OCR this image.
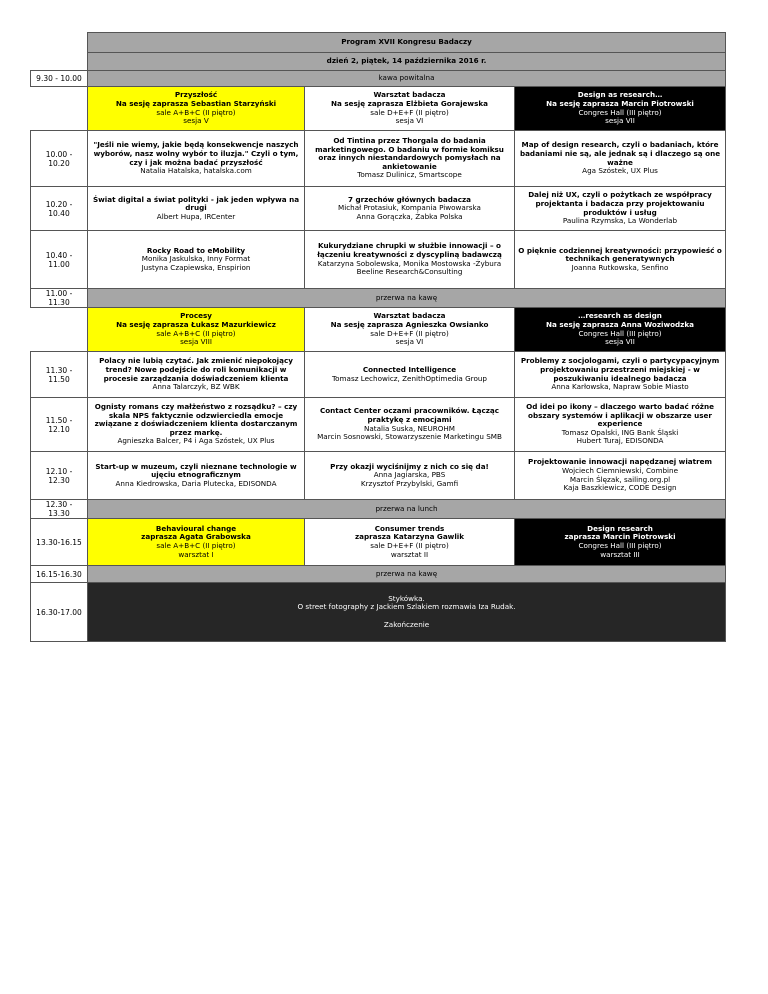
	Program XVII Kongresu Badaczy		

	dzień 2, piątek, 14 października 2016 r.		

9.30 - 10.00	kawa powitalna		

	Przyszłość
Na sesję zaprasza Sebastian Starzyński
sale A+B+C (II piętro)
sesja V	Warsztat badacza
Na sesję zaprasza Elżbieta Gorajewska
sale D+E+F (II piętro)
sesja VI	Design as research…
Na sesję zaprasza Marcin Piotrowski
Congres Hall (III piętro)
sesja VII

10.00 - 10.20	"Jeśli nie wiemy, jakie będą konsekwencje naszych wyborów, nasz wolny wybór to iluzja." Czyli o tym, czy i jak można badać przyszłość
Natalia Hatalska, hatalska.com	Od Tintina przez Thorgala do badania marketingowego. O badaniu w formie komiksu oraz innych niestandardowych pomysłach na ankietowanie
Tomasz Dulinicz, Smartscope	Map of design research, czyli o badaniach, które badaniami nie są, ale jednak są i dlaczego są one ważne
Aga Szóstek, UX Plus

10.20 - 10.40	Świat digital a świat polityki - jak jeden wpływa na drugi
Albert Hupa, IRCenter	7 grzechów głównych badacza
Michał Protasiuk, Kompania Piwowarska
Anna Gorączka, Żabka Polska	Dalej niż UX, czyli o pożytkach ze współpracy projektanta i badacza przy projektowaniu produktów i usług
Paulina Rzymska, La Wonderlab

10.40 - 11.00	Rocky Road to eMobility
Monika Jaskulska, Inny Format
Justyna Czapiewska, Enspirion	Kukurydziane chrupki w służbie innowacji – o łączeniu kreatywności z dyscypliną badawczą
Katarzyna Sobolewska, Monika Mostowska -Żybura
Beeline Research&Consulting	O pięknie codziennej kreatywności: przypowieść o technikach generatywnych
Joanna Rutkowska, Senfino

11.00 - 11.30	przerwa na kawę		

	Procesy
Na sesję zaprasza Łukasz Mazurkiewicz
sale A+B+C (II piętro)
sesja VIII	Warsztat badacza
Na sesję zaprasza Agnieszka Owsianko
sale D+E+F (II piętro)
sesja VI	…research as design
Na sesję zaprasza Anna Woziwodzka
Congres Hall (III piętro)
sesja VII

11.30 - 11.50	Polacy nie lubią czytać. Jak zmienić niepokojący trend? Nowe podejście do roli komunikacji w procesie zarządzania doświadczeniem klienta
Anna Talarczyk, BZ WBK	Connected Intelligence
Tomasz Lechowicz, ZenithOptimedia Group	Problemy z socjologami, czyli o partycypacyjnym projektowaniu przestrzeni miejskiej - w poszukiwaniu idealnego badacza
Anna Karłowska, Napraw Sobie Miasto

11.50 - 12.10	Ognisty romans czy małżeństwo z rozsądku? – czy skala NPS faktycznie odzwierciedla emocje związane z doświadczeniem klienta dostarczanym przez markę.
Agnieszka Balcer, P4 i Aga Szóstek, UX Plus	Contact Center oczami pracowników. Łącząc praktykę z emocjami
Natalia Suska, NEUROHM
Marcin Sosnowski, Stowarzyszenie Marketingu SMB	Od idei po ikony – dlaczego warto badać różne obszary systemów i aplikacji w obszarze user experience
Tomasz Opalski, ING Bank Śląski
Hubert Turaj, EDISONDA

12.10 - 12.30	Start-up w muzeum, czyli nieznane technologie w ujęciu etnograficznym
Anna Kiedrowska, Daria Plutecka, EDISONDA	Przy okazji wyciśnijmy z nich co się da!
Anna Jagiarska, PBS
Krzysztof Przybylski, Gamfi	Projektowanie innowacji napędzanej wiatrem
Wojciech Ciemniewski, Combine
Marcin Ślęzak, sailing.org.pl
Kaja Baszkiewicz, CODE Design

12.30 - 13.30	przerwa na lunch		
13.30-16.15	Behavioural change
zaprasza Agata Grabowska
sale A+B+C (II piętro)
warsztat I	Consumer trends
zaprasza Katarzyna Gawlik
sale D+E+F (II piętro)
warsztat II	Design research
zaprasza Marcin Piotrowski
Congres Hall (III piętro)
warsztat III

16.15-16.30	przerwa na kawę		
16.30-17.00	Stykówka.
O street fotography z Jackiem Szlakiem rozmawia Iza Rudak.
Zakończenie		
